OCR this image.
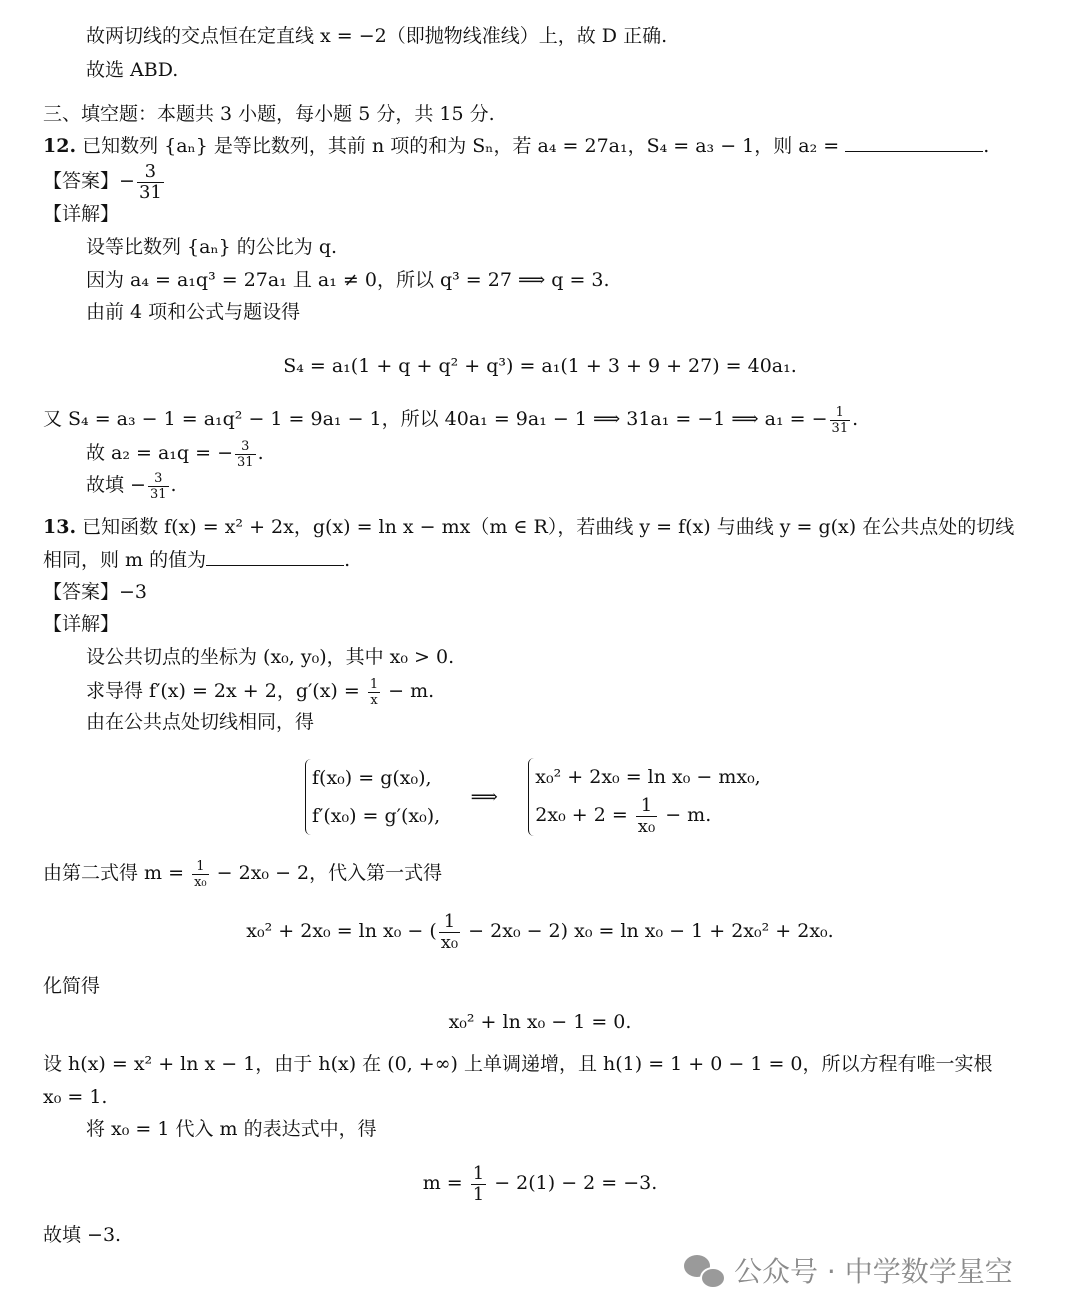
故两切线的交点恒在定直线 x = −2（即抛物线准线）上，故 D 正确.
故选 ABD.
三、填空题：本题共 3 小题，每小题 5 分，共 15 分.
12. 已知数列 {aₙ} 是等比数列，其前 n 项的和为 Sₙ，若 a₄ = 27a₁，S₄ = a₃ − 1，则 a₂ =	.
【答案】− $\frac{3}{31}$
【详解】
设等比数列 {aₙ} 的公比为 q.
因为 a₄ = a₁q³ = 27a₁ 且 a₁ ≠ 0，所以 q³ = 27 ⟹ q = 3.
由前 4 项和公式与题设得
S₄ = a₁(1 + q + q² + q³) = a₁(1 + 3 + 9 + 27) = 40a₁.
又 S₄ = a₃ − 1 = a₁q² − 1 = 9a₁ − 1，所以 40a₁ = 9a₁ − 1 ⟹ 31a₁ = −1 ⟹ a₁ = − $\frac{1}{31}$ .
故 a₂ = a₁q = − $\frac{3}{31}$ .
故填 − $\frac{3}{31}$ .
13. 已知函数 f(x) = x² + 2x，g(x) = ln x − mx（m ∈ R），若曲线 y = f(x) 与曲线 y = g(x) 在公共点处的切线
相同，则 m 的值为	.
【答案】−3
【详解】
设公共切点的坐标为 (x₀, y₀)，其中 x₀ > 0.
求导得 f′(x) = 2x + 2，$g'(x) = \frac{1}{x} - m$.
由在公共点处切线相同，得
f(x₀) = g(x₀),
f′(x₀) = g′(x₀),
⟹
x₀² + 2x₀ = ln x₀ − mx₀,
$2x_0 + 2 = \frac{1}{\text{x₀}} - m$.
由第二式得 $m = \frac{1}{\text{x₀}} - 2x_0 - 2$，代入第一式得
x₀² + 2x₀ = ln x₀ − ( $\frac{1}{\text{x₀}} - 2x_0 - 2$) x₀ = ln x₀ − 1 + 2x₀² + 2x₀.
化简得
x₀² + ln x₀ − 1 = 0.
设 h(x) = x² + ln x − 1，由于 h(x) 在 (0, +∞) 上单调递增，且 h(1) = 1 + 0 − 1 = 0，所以方程有唯一实根
x₀ = 1.
将 x₀ = 1 代入 m 的表达式中，得
$m = \frac{1}{1} - 2(1) - 2 = -3$.
故填 −3.
公众号 · 中学数学星空
